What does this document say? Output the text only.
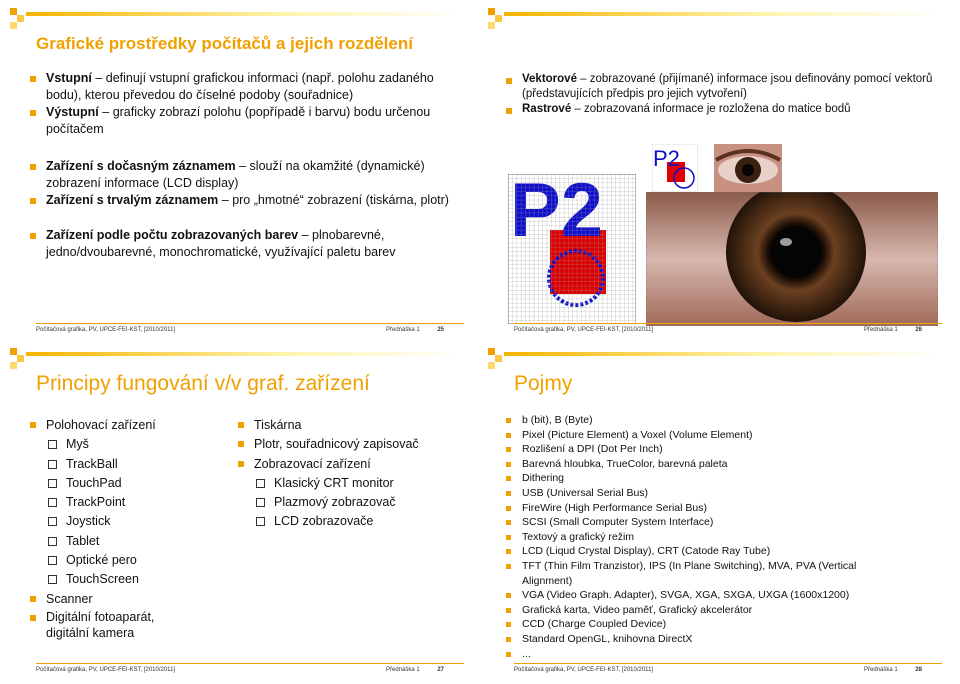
Grafické prostředky počítačů a jejich rozdělení
Vstupní – definují vstupní grafickou informaci (např. polohu zadaného bodu), kterou převedou do číselné podoby (souřadnice)
Výstupní – graficky zobrazí polohu (popřípadě i barvu) bodu určenou počítačem
Zařízení s dočasným záznamem – slouží na okamžité (dynamické) zobrazení informace (LCD display)
Zařízení s trvalým záznamem – pro „hmotné“ zobrazení (tiskárna, plotr)
Zařízení podle počtu zobrazovaných barev – plnobarevné, jedno/dvoubarevné, monochromatické, využívající paletu barev
Počítačová grafika, PV, UPCE-FEI-KST, [2010/2011]	Přednáška 1	25
Vektorové – zobrazované (přijímané) informace jsou definovány pomocí vektorů (představujících předpis pro jejich vytvoření)
Rastrové – zobrazovaná informace je rozložena do matice bodů
P2
Počítačová grafika, PV, UPCE-FEI-KST, [2010/2011]	Přednáška 1	26
Principy fungování v/v graf. zařízení
Polohovací zařízení
Myš
TrackBall
TouchPad
TrackPoint
Joystick
Tablet
Optické pero
TouchScreen
Scanner
Digitální fotoaparát, digitální kamera
Tiskárna
Plotr, souřadnicový zapisovač
Zobrazovací zařízení
Klasický CRT monitor
Plazmový zobrazovač
LCD zobrazovače
Počítačová grafika, PV, UPCE-FEI-KST, [2010/2011]	Přednáška 1	27
Pojmy
b (bit), B (Byte)
Pixel (Picture Element) a Voxel (Volume Element)
Rozlišení a DPI (Dot Per Inch)
Barevná hloubka, TrueColor, barevná paleta
Dithering
USB (Universal Serial Bus)
FireWire (High Performance Serial Bus)
SCSI (Small Computer System Interface)
Textový a grafický režim
LCD (Liqud Crystal Display), CRT (Catode Ray Tube)
TFT (Thin Film Tranzistor), IPS (In Plane Switching), MVA, PVA (Vertical Alignment)
VGA (Video Graph. Adapter), SVGA, XGA, SXGA, UXGA (1600x1200)
Grafická karta, Video paměť, Grafický akcelerátor
CCD (Charge Coupled Device)
Standard OpenGL, knihovna DirectX
...
Počítačová grafika, PV, UPCE-FEI-KST, [2010/2011]	Přednáška 1	28
